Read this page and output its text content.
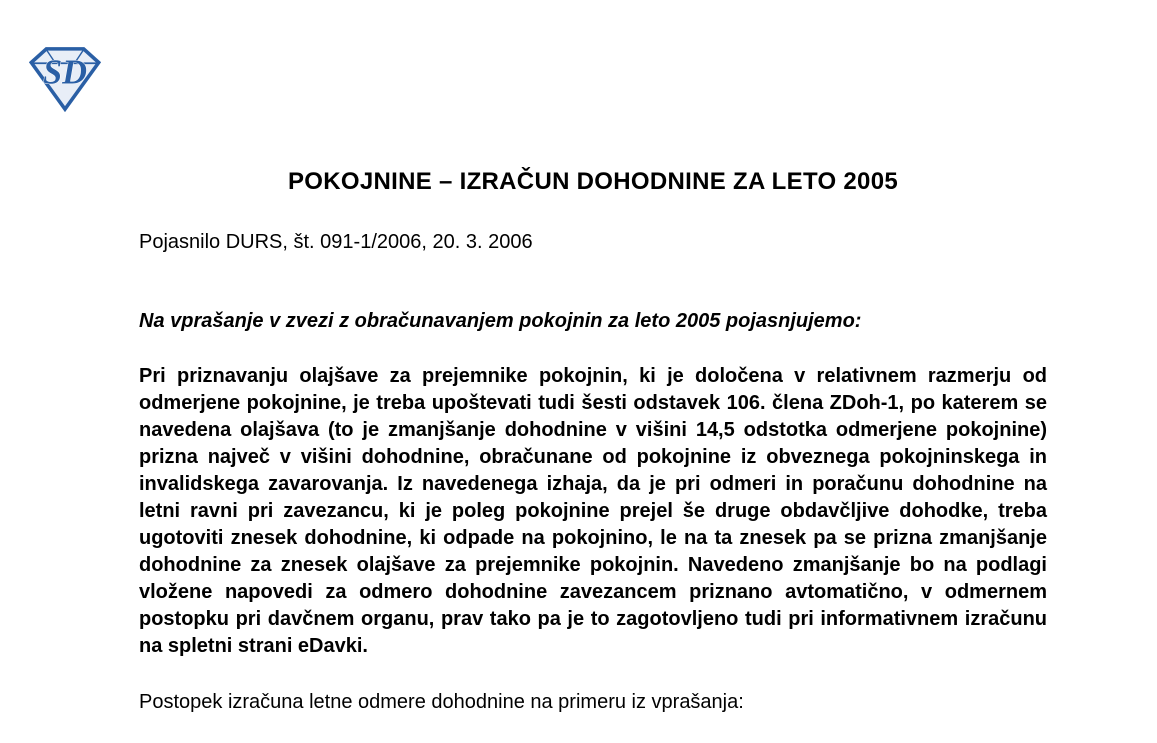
SD
POKOJNINE – IZRAČUN DOHODNINE ZA LETO 2005

Pojasnilo DURS, št. 091-1/2006, 20. 3. 2006

Na vprašanje v zvezi z obračunavanjem pokojnin za leto 2005 pojasnjujemo:

Pri priznavanju olajšave za prejemnike pokojnin, ki je določena v relativnem razmerju od odmerjene pokojnine, je treba upoštevati tudi šesti odstavek 106. člena ZDoh-1, po katerem se navedena olajšava (to je zmanjšanje dohodnine v višini 14,5 odstotka odmerjene pokojnine) prizna največ v višini dohodnine, obračunane od pokojnine iz obveznega pokojninskega in invalidskega zavarovanja. Iz navedenega izhaja, da je pri odmeri in poračunu dohodnine na letni ravni pri zavezancu, ki je poleg pokojnine prejel še druge obdavčljive dohodke, treba ugotoviti znesek dohodnine, ki odpade na pokojnino, le na ta znesek pa se prizna zmanjšanje dohodnine za znesek olajšave za prejemnike pokojnin. Navedeno zmanjšanje bo na podlagi vložene napovedi za odmero dohodnine zavezancem priznano avtomatično, v odmernem postopku pri davčnem organu, prav tako pa je to zagotovljeno tudi pri informativnem izračunu na spletni strani eDavki.

Postopek izračuna letne odmere dohodnine na primeru iz vprašanja:
